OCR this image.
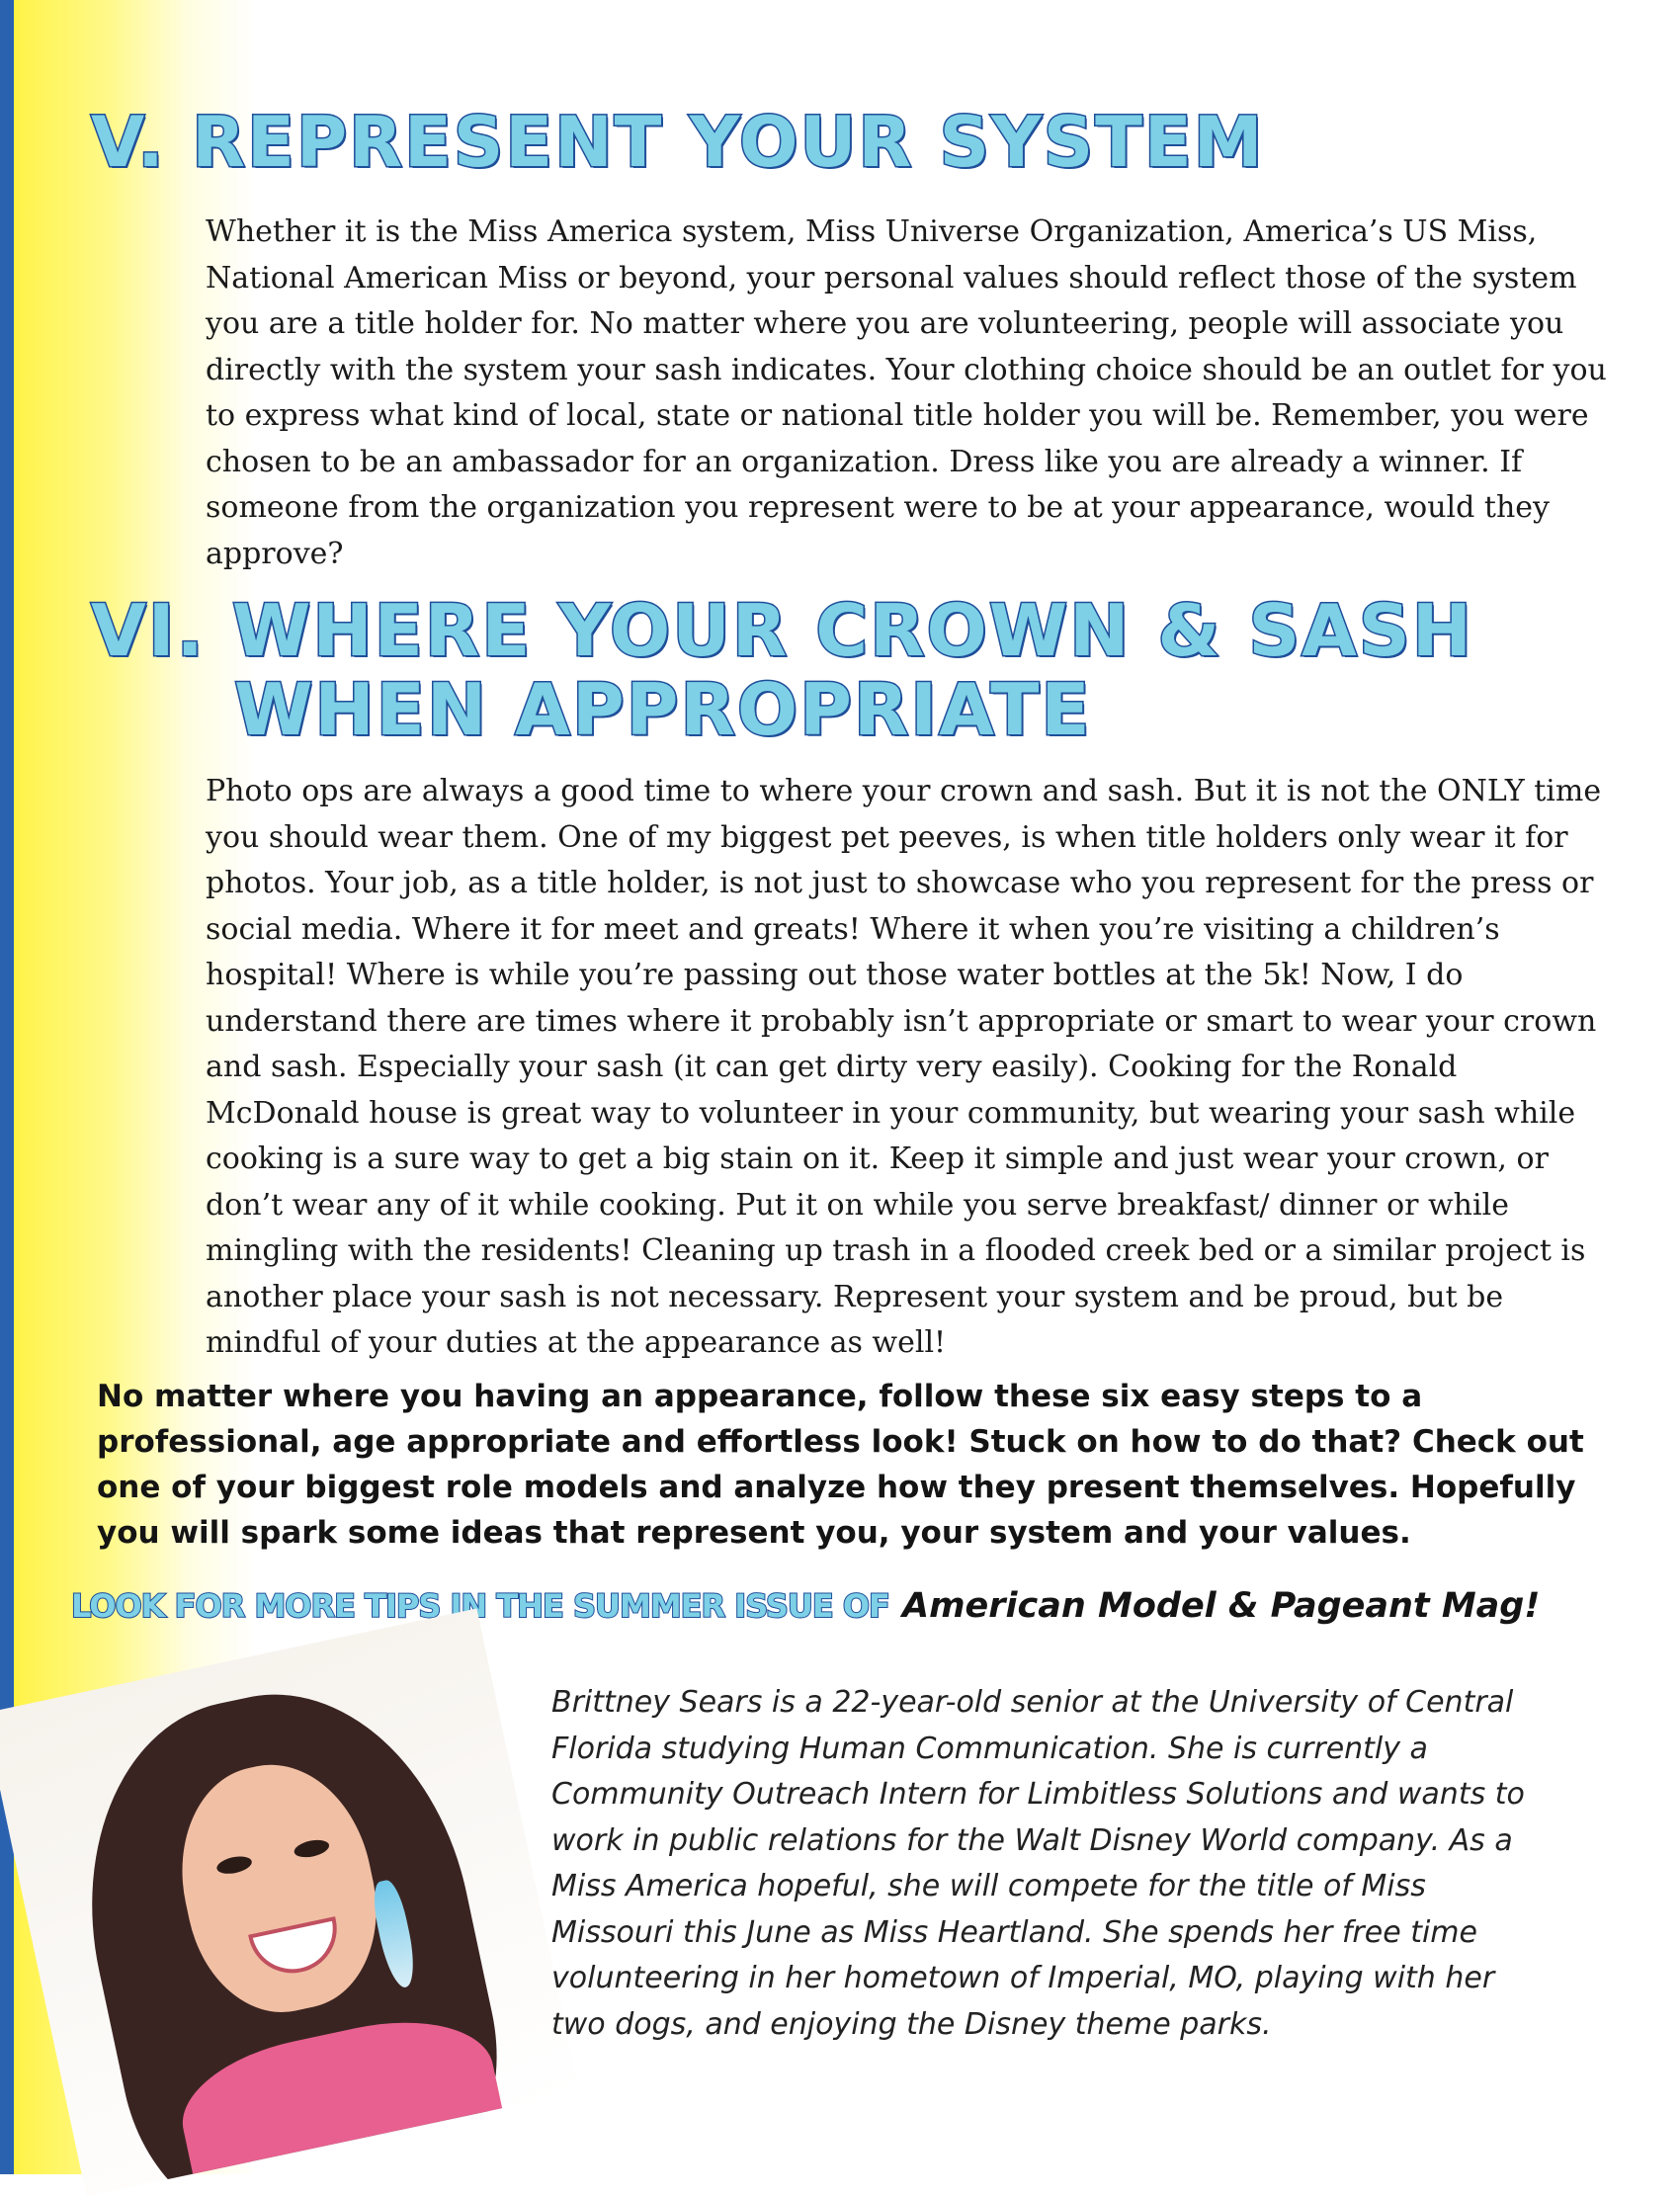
V. REPRESENT YOUR SYSTEM

Whether it is the Miss America system, Miss Universe Organization, America’s US Miss, National American Miss or beyond, your personal values should reflect those of the system you are a title holder for. No matter where you are volunteering, people will associate you directly with the system your sash indicates. Your clothing choice should be an outlet for you to express what kind of local, state or national title holder you will be. Remember, you were chosen to be an ambassador for an organization. Dress like you are already a winner. If someone from the organization you represent were to be at your appearance, would they approve?

VI. WHERE YOUR CROWN & SASH
WHEN APPROPRIATE

Photo ops are always a good time to where your crown and sash. But it is not the ONLY time you should wear them. One of my biggest pet peeves, is when title holders only wear it for photos. Your job, as a title holder, is not just to showcase who you represent for the press or social media. Where it for meet and greats! Where it when you’re visiting a children’s hospital! Where is while you’re passing out those water bottles at the 5k! Now, I do understand there are times where it probably isn’t appropriate or smart to wear your crown and sash. Especially your sash (it can get dirty very easily). Cooking for the Ronald McDonald house is great way to volunteer in your community, but wearing your sash while cooking is a sure way to get a big stain on it. Keep it simple and just wear your crown, or don’t wear any of it while cooking. Put it on while you serve breakfast/ dinner or while mingling with the residents! Cleaning up trash in a flooded creek bed or a similar project is another place your sash is not necessary. Represent your system and be proud, but be mindful of your duties at the appearance as well!

No matter where you having an appearance, follow these six easy steps to a professional, age appropriate and effortless look! Stuck on how to do that? Check out one of your biggest role models and analyze how they present themselves. Hopefully you will spark some ideas that represent you, your system and your values.

LOOK FOR MORE TIPS IN THE SUMMER ISSUE OF American Model & Pageant Mag!

Brittney Sears is a 22-year-old senior at the University of Central Florida studying Human Communication. She is currently a Community Outreach Intern for Limbitless Solutions and wants to work in public relations for the Walt Disney World company. As a Miss America hopeful, she will compete for the title of Miss Missouri this June as Miss Heartland. She spends her free time volunteering in her hometown of Imperial, MO, playing with her two dogs, and enjoying the Disney theme parks.
